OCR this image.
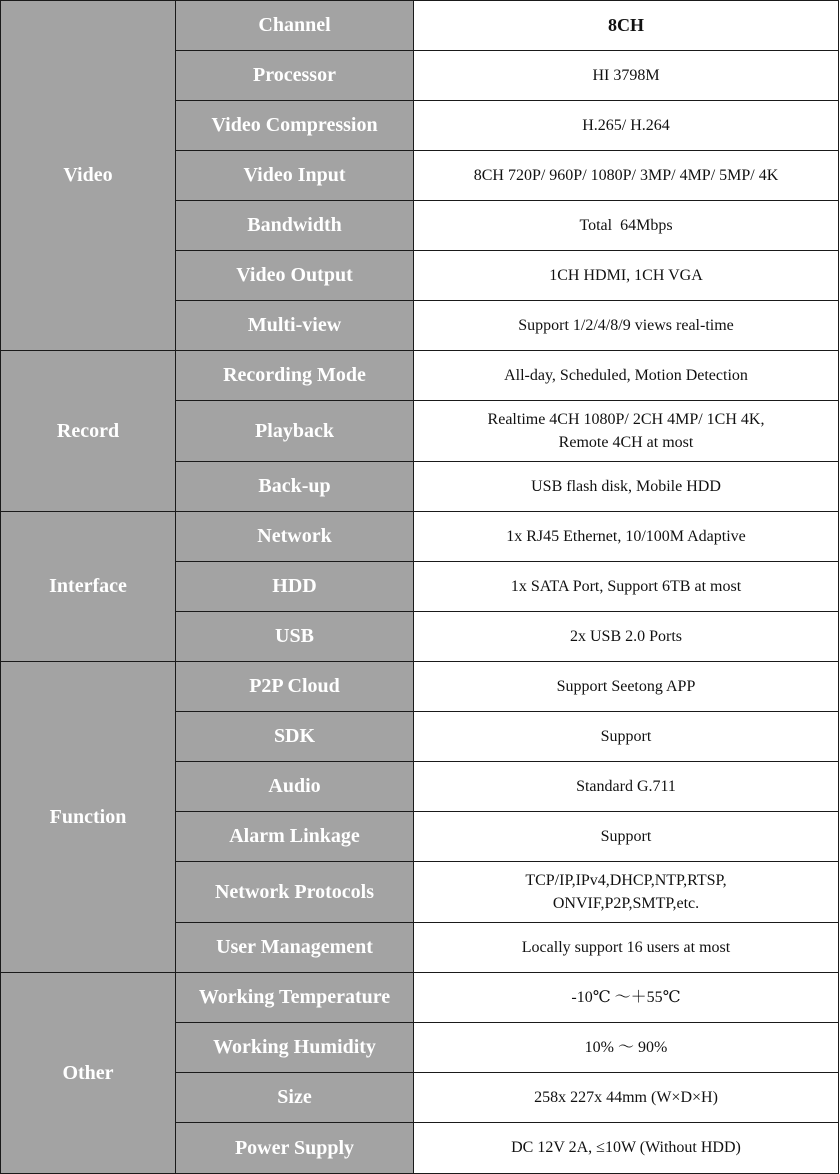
Video	Channel	8CH
	Processor	HI 3798M
	Video Compression	H.265/ H.264
	Video Input	8CH 720P/ 960P/ 1080P/ 3MP/ 4MP/ 5MP/ 4K
	Bandwidth	Total  64Mbps
	Video Output	1CH HDMI, 1CH VGA
	Multi-view	Support 1/2/4/8/9 views real-time
Record	Recording Mode	All-day, Scheduled, Motion Detection
	Playback	Realtime 4CH 1080P/ 2CH 4MP/ 1CH 4K,
Remote 4CH at most
	Back-up	USB flash disk, Mobile HDD
Interface	Network	1x RJ45 Ethernet, 10/100M Adaptive
	HDD	1x SATA Port, Support 6TB at most
	USB	2x USB 2.0 Ports
Function	P2P Cloud	Support Seetong APP
	SDK	Support
	Audio	Standard G.711
	Alarm Linkage	Support
	Network Protocols	TCP/IP,IPv4,DHCP,NTP,RTSP,
ONVIF,P2P,SMTP,etc.
	User Management	Locally support 16 users at most
Other	Working Temperature	-10℃ ～＋55℃
	Working Humidity	10% ～ 90%
	Size	258x 227x 44mm (W×D×H)
	Power Supply	DC 12V 2A, ≤10W (Without HDD)
